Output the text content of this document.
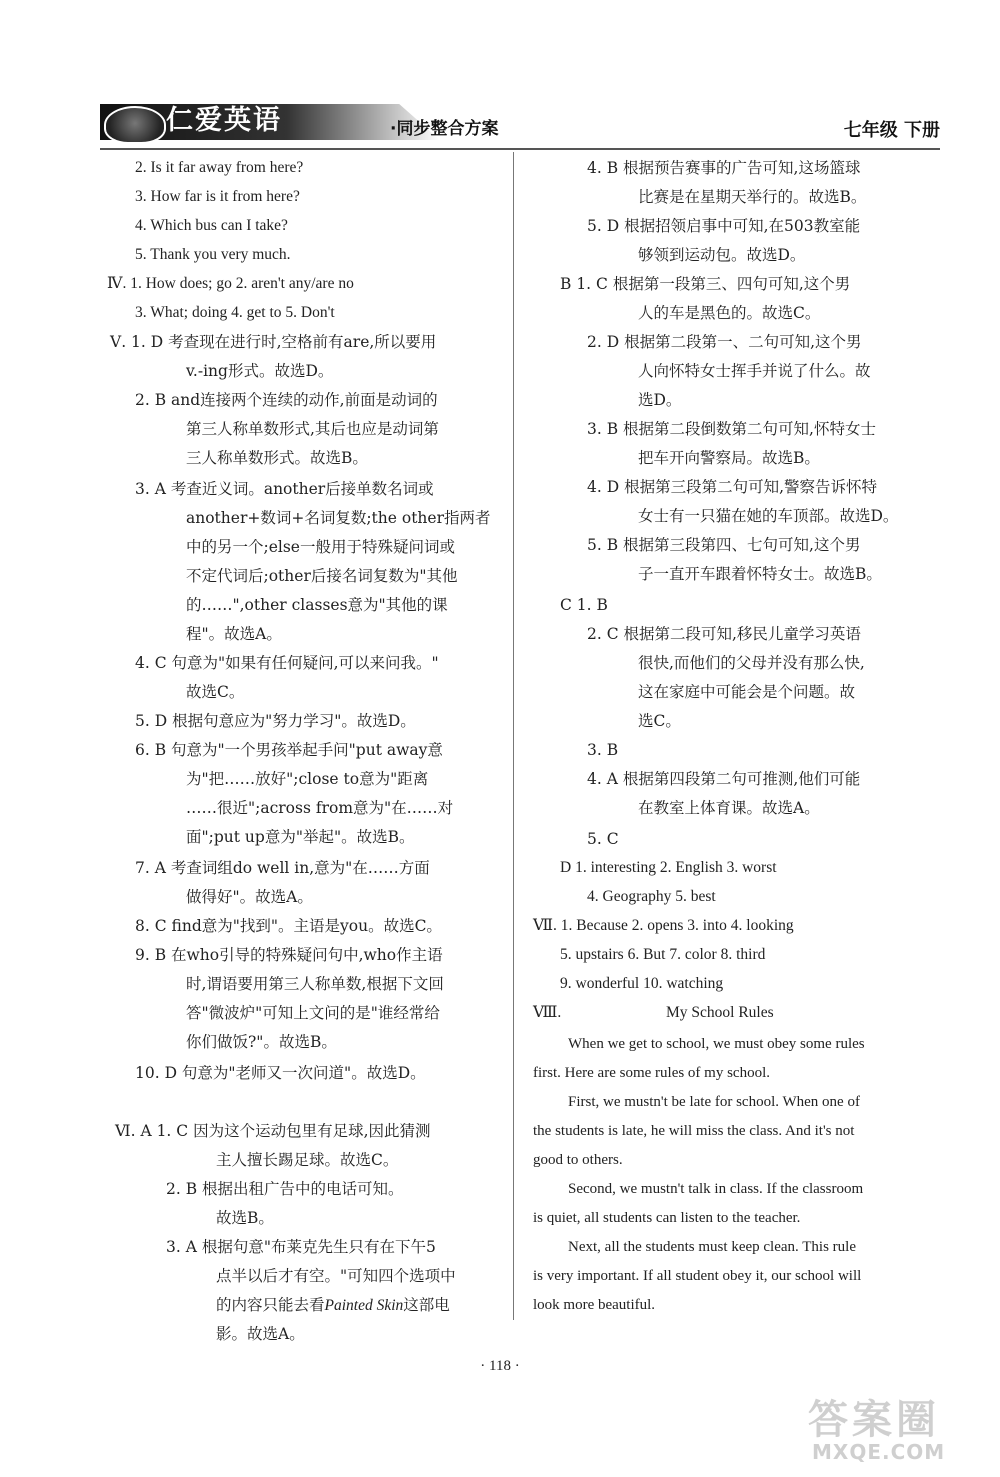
仁爱英语	·同步整合方案	七年级 下册
2. Is it far away from here?
3. How far is it from here?
4. Which bus can I take?
5. Thank you very much.
Ⅳ. 1. How does; go 2. aren't any/are no
3. What; doing 4. get to 5. Don't
Ⅴ. 1. D 考查现在进行时,空格前有are,所以要用
v.-ing形式。故选D。
2. B and连接两个连续的动作,前面是动词的
第三人称单数形式,其后也应是动词第
三人称单数形式。故选B。
3. A 考查近义词。another后接单数名词或
another+数词+名词复数;the other指两者
中的另一个;else一般用于特殊疑问词或
不定代词后;other后接名词复数为"其他
的……",other classes意为"其他的课
程"。故选A。
4. C 句意为"如果有任何疑问,可以来问我。"
故选C。
5. D 根据句意应为"努力学习"。故选D。
6. B 句意为"一个男孩举起手问"put away意
为"把……放好";close to意为"距离
……很近";across from意为"在……对
面";put up意为"举起"。故选B。
7. A 考查词组do well in,意为"在……方面
做得好"。故选A。
8. C find意为"找到"。主语是you。故选C。
9. B 在who引导的特殊疑问句中,who作主语
时,谓语要用第三人称单数,根据下文回
答"微波炉"可知上文问的是"谁经常给
你们做饭?"。故选B。
10. D 句意为"老师又一次问道"。故选D。
Ⅵ. A 1. C 因为这个运动包里有足球,因此猜测
主人擅长踢足球。故选C。
2. B 根据出租广告中的电话可知。
故选B。
3. A 根据句意"布莱克先生只有在下午5
点半以后才有空。"可知四个选项中
的内容只能去看Painted Skin这部电
影。故选A。
4. B 根据预告赛事的广告可知,这场篮球
比赛是在星期天举行的。故选B。
5. D 根据招领启事中可知,在503教室能
够领到运动包。故选D。
B 1. C 根据第一段第三、四句可知,这个男
人的车是黑色的。故选C。
2. D 根据第二段第一、二句可知,这个男
人向怀特女士挥手并说了什么。故
选D。
3. B 根据第二段倒数第二句可知,怀特女士
把车开向警察局。故选B。
4. D 根据第三段第二句可知,警察告诉怀特
女士有一只猫在她的车顶部。故选D。
5. B 根据第三段第四、七句可知,这个男
子一直开车跟着怀特女士。故选B。
C 1. B
2. C 根据第二段可知,移民儿童学习英语
很快,而他们的父母并没有那么快,
这在家庭中可能会是个问题。故
选C。
3. B
4. A 根据第四段第二句可推测,他们可能
在教室上体育课。故选A。
5. C
D 1. interesting 2. English 3. worst
4. Geography 5. best
Ⅶ. 1. Because 2. opens 3. into 4. looking
5. upstairs 6. But 7. color 8. third
9. wonderful 10. watching
Ⅷ.	My School Rules
When we get to school, we must obey some rules
first. Here are some rules of my school.
First, we mustn't be late for school. When one of
the students is late, he will miss the class. And it's not
good to others.
Second, we mustn't talk in class. If the classroom
is quiet, all students can listen to the teacher.
Next, all the students must keep clean. This rule
is very important. If all student obey it, our school will
look more beautiful.
· 118 ·
答案圈
MXQE.COM
